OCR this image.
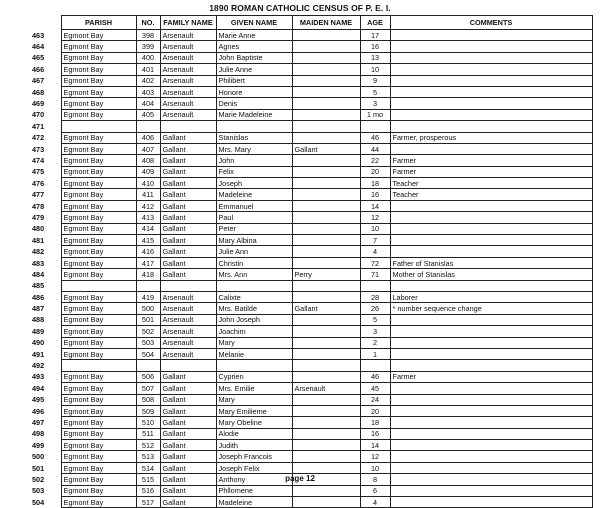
1890 ROMAN CATHOLIC CENSUS OF P. E. I.
	PARISH	NO.	FAMILY NAME	GIVEN NAME	MAIDEN NAME	AGE	COMMENTS
463	Egmont Bay	398	Arsenault	Marie Anne		17	
464	Egmont Bay	399	Arsenault	Agnes		16	
465	Egmont Bay	400	Arsenault	John Baptiste		13	
466	Egmont Bay	401	Arsenault	Julie Anne		10	
467	Egmont Bay	402	Arsenault	Philibert		9	
468	Egmont Bay	403	Arsenault	Honore		5	
469	Egmont Bay	404	Arsenault	Denis		3	
470	Egmont Bay	405	Arsenault	Marie Madeleine		1 mo	
471							
472	Egmont Bay	406	Gallant	Stanislas		46	Farmer, prosperous
473	Egmont Bay	407	Gallant	Mrs. Mary	Gallant	44	
474	Egmont Bay	408	Gallant	John		22	Farmer
475	Egmont Bay	409	Gallant	Felix		20	Farmer
476	Egmont Bay	410	Gallant	Joseph		18	Teacher
477	Egmont Bay	411	Gallant	Madeleine		16	Teacher
478	Egmont Bay	412	Gallant	Emmanuel		14	
479	Egmont Bay	413	Gallant	Paul		12	
480	Egmont Bay	414	Gallant	Peter		10	
481	Egmont Bay	415	Gallant	Mary Albina		7	
482	Egmont Bay	416	Gallant	Julie Ann		4	
483	Egmont Bay	417	Gallant	Christin		72	Father of Stanislas
484	Egmont Bay	418	Gallant	Mrs. Ann	Perry	71	Mother of Stanislas
485							
486	Egmont Bay	419	Arsenault	Calixte		28	Laborer
487	Egmont Bay	500	Arsenault	Mrs. Batilde	Gallant	26	* number sequence change
488	Egmont Bay	501	Arsenault	John Joseph		5	
489	Egmont Bay	502	Arsenault	Joachim		3	
490	Egmont Bay	503	Arsenault	Mary		2	
491	Egmont Bay	504	Arsenault	Melanie		1	
492							
493	Egmont Bay	506	Gallant	Cyprien		46	Farmer
494	Egmont Bay	507	Gallant	Mrs. Emilie	Arsenault	45	
495	Egmont Bay	508	Gallant	Mary		24	
496	Egmont Bay	509	Gallant	Mary Emilieme		20	
497	Egmont Bay	510	Gallant	Mary Obeline		18	
498	Egmont Bay	511	Gallant	Alodie		16	
499	Egmont Bay	512	Gallant	Judith		14	
500	Egmont Bay	513	Gallant	Joseph Francois		12	
501	Egmont Bay	514	Gallant	Joseph Felix		10	
502	Egmont Bay	515	Gallant	Anthony		8	
503	Egmont Bay	516	Gallant	Phllomene		6	
504	Egmont Bay	517	Gallant	Madeleine		4	
page 12
